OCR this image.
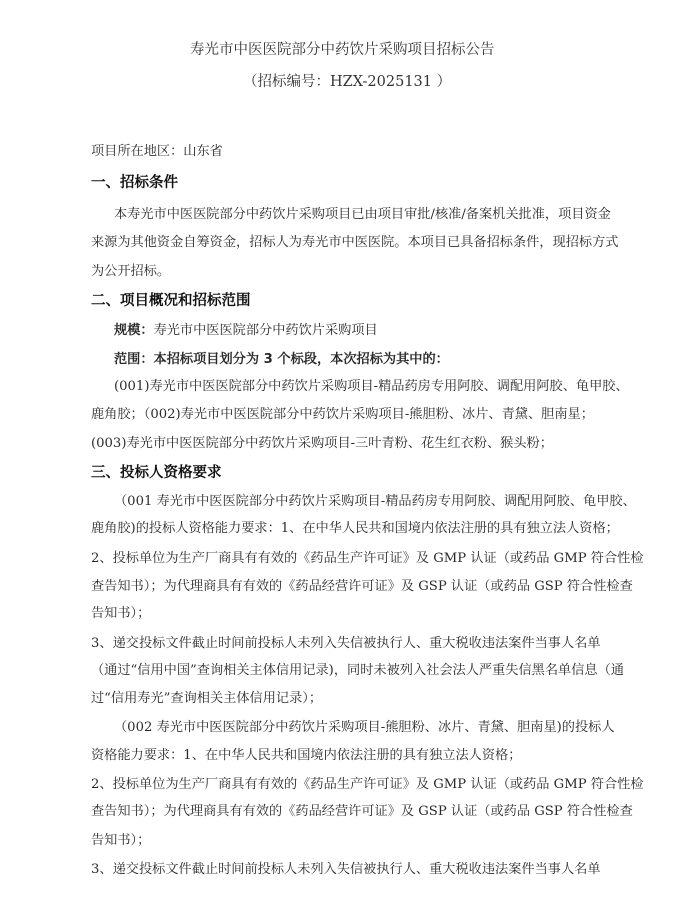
寿光市中医医院部分中药饮片采购项目招标公告
（招标编号：HZX-2025131 ）
项目所在地区：山东省
一、招标条件
本寿光市中医医院部分中药饮片采购项目已由项目审批/核准/备案机关批准，项目资金
来源为其他资金自筹资金，招标人为寿光市中医医院。本项目已具备招标条件，现招标方式
为公开招标。
二、项目概况和招标范围
规模：寿光市中医医院部分中药饮片采购项目
范围：本招标项目划分为 3 个标段，本次招标为其中的：
(001)寿光市中医医院部分中药饮片采购项目-精品药房专用阿胶、调配用阿胶、龟甲胶、
鹿角胶；（002)寿光市中医医院部分中药饮片采购项目-熊胆粉、冰片、青黛、胆南星；
(003)寿光市中医医院部分中药饮片采购项目-三叶青粉、花生红衣粉、猴头粉；
三、投标人资格要求
（001 寿光市中医医院部分中药饮片采购项目-精品药房专用阿胶、调配用阿胶、龟甲胶、
鹿角胶)的投标人资格能力要求：1、在中华人民共和国境内依法注册的具有独立法人资格；
2、投标单位为生产厂商具有有效的《药品生产许可证》及 GMP 认证（或药品 GMP 符合性检
查告知书）；为代理商具有有效的《药品经营许可证》及 GSP 认证（或药品 GSP 符合性检查
告知书）；
3、递交投标文件截止时间前投标人未列入失信被执行人、重大税收违法案件当事人名单
（通过“信用中国”查询相关主体信用记录)，同时未被列入社会法人严重失信黑名单信息（通
过“信用寿光”查询相关主体信用记录）；
（002 寿光市中医医院部分中药饮片采购项目-熊胆粉、冰片、青黛、胆南星)的投标人
资格能力要求：1、在中华人民共和国境内依法注册的具有独立法人资格；
2、投标单位为生产厂商具有有效的《药品生产许可证》及 GMP 认证（或药品 GMP 符合性检
查告知书）；为代理商具有有效的《药品经营许可证》及 GSP 认证（或药品 GSP 符合性检查
告知书）；
3、递交投标文件截止时间前投标人未列入失信被执行人、重大税收违法案件当事人名单
